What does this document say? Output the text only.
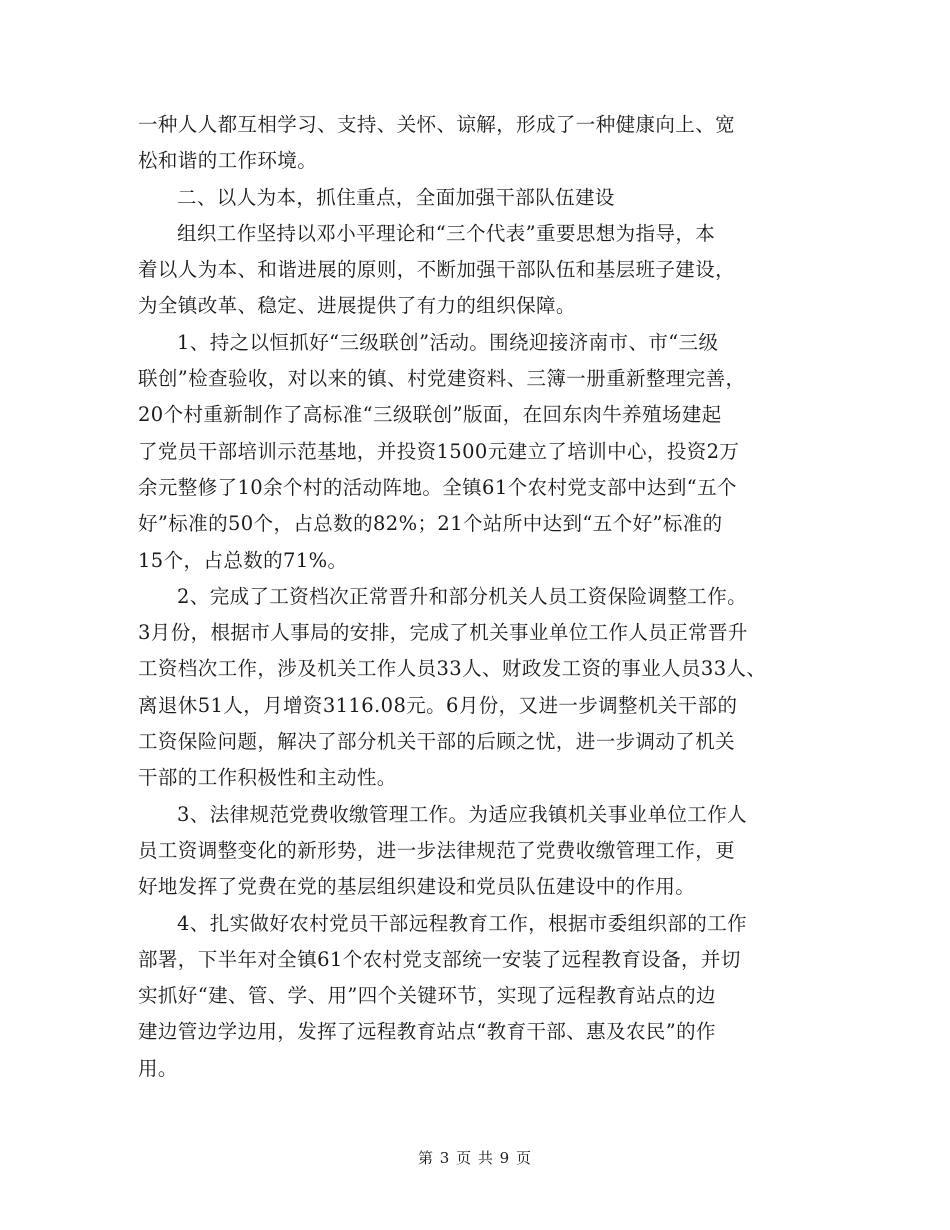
一种人人都互相学习、支持、关怀、谅解，形成了一种健康向上、宽
松和谐的工作环境。
二、以人为本，抓住重点，全面加强干部队伍建设
组织工作坚持以邓小平理论和“三个代表”重要思想为指导，本
着以人为本、和谐进展的原则，不断加强干部队伍和基层班子建设，
为全镇改革、稳定、进展提供了有力的组织保障。
1、持之以恒抓好“三级联创”活动。围绕迎接济南市、市“三级
联创”检查验收，对以来的镇、村党建资料、三簿一册重新整理完善，
20个村重新制作了高标准“三级联创”版面，在回东肉牛养殖场建起
了党员干部培训示范基地，并投资1500元建立了培训中心，投资2万
余元整修了10余个村的活动阵地。全镇61个农村党支部中达到“五个
好”标准的50个，占总数的82%；21个站所中达到“五个好”标准的
15个，占总数的71%。
2、完成了工资档次正常晋升和部分机关人员工资保险调整工作。
3月份，根据市人事局的安排，完成了机关事业单位工作人员正常晋升
工资档次工作，涉及机关工作人员33人、财政发工资的事业人员33人、
离退休51人，月增资3116.08元。6月份，又进一步调整机关干部的
工资保险问题，解决了部分机关干部的后顾之忧，进一步调动了机关
干部的工作积极性和主动性。
3、法律规范党费收缴管理工作。为适应我镇机关事业单位工作人
员工资调整变化的新形势，进一步法律规范了党费收缴管理工作，更
好地发挥了党费在党的基层组织建设和党员队伍建设中的作用。
4、扎实做好农村党员干部远程教育工作，根据市委组织部的工作
部署，下半年对全镇61个农村党支部统一安装了远程教育设备，并切
实抓好“建、管、学、用”四个关键环节，实现了远程教育站点的边
建边管边学边用，发挥了远程教育站点“教育干部、惠及农民”的作
用。
第 3 页 共 9 页
